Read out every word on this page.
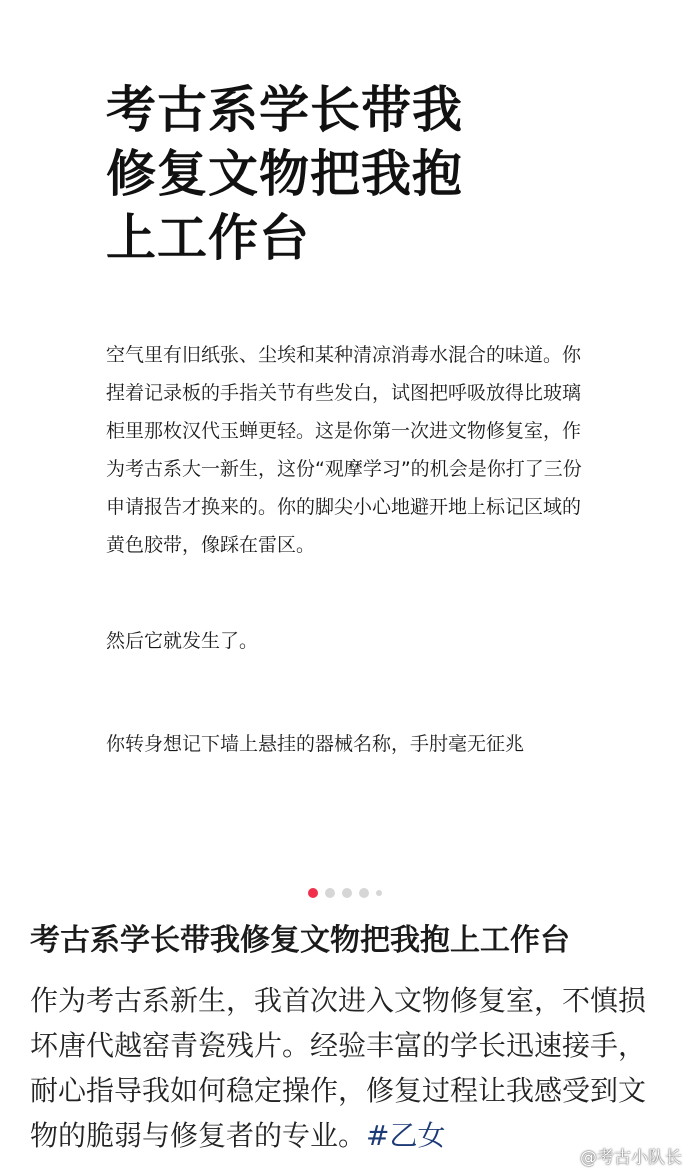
考古系学长带我修复文物把我抱上工作台

空气里有旧纸张、尘埃和某种清凉消毒水混合的味道。你捏着记录板的手指关节有些发白，试图把呼吸放得比玻璃柜里那枚汉代玉蝉更轻。这是你第一次进文物修复室，作为考古系大一新生，这份“观摩学习”的机会是你打了三份申请报告才换来的。你的脚尖小心地避开地上标记区域的黄色胶带，像踩在雷区。

然后它就发生了。

你转身想记下墙上悬挂的器械名称，手肘毫无征兆

考古系学长带我修复文物把我抱上工作台

作为考古系新生，我首次进入文物修复室，不慎损坏唐代越窑青瓷残片。经验丰富的学长迅速接手，耐心指导我如何稳定操作，修复过程让我感受到文物的脆弱与修复者的专业。#乙女

@考古小队长
